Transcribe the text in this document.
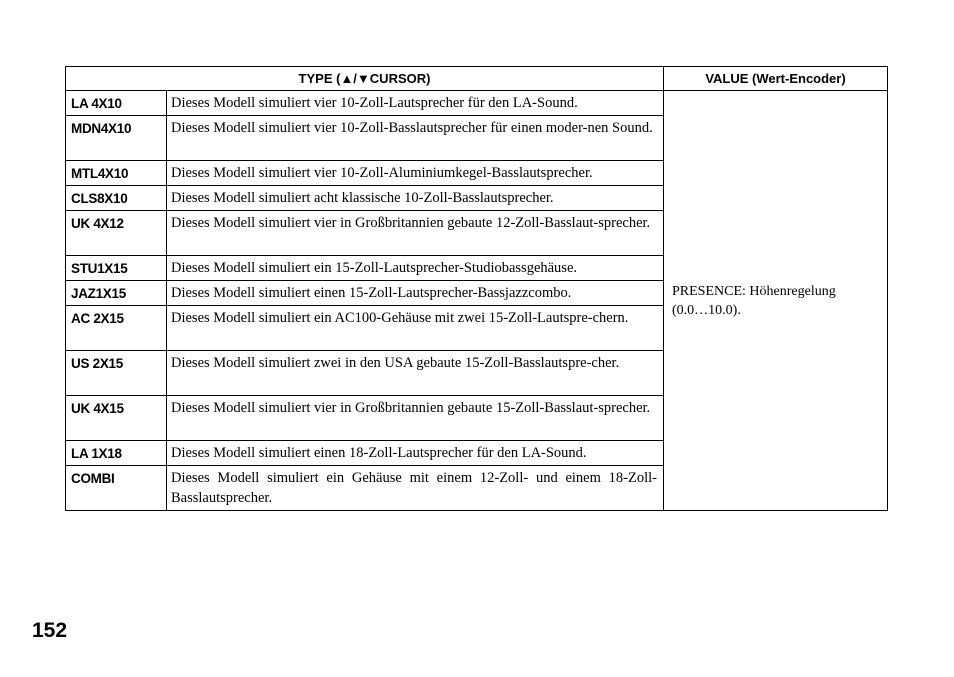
TYPE (▲/▼CURSOR)		VALUE (Wert-Encoder)
LA 4X10	Dieses Modell simuliert vier 10-Zoll-Lautsprecher für den LA-Sound.	PRESENCE: Höhenregelung
(0.0…10.0).

MDN4X10	Dieses Modell simuliert vier 10-Zoll-Basslautsprecher für einen moder-nen Sound.	
MTL4X10	Dieses Modell simuliert vier 10-Zoll-Aluminiumkegel-Basslautsprecher.	
CLS8X10	Dieses Modell simuliert acht klassische 10-Zoll-Basslautsprecher.	
UK 4X12	Dieses Modell simuliert vier in Großbritannien gebaute 12-Zoll-Basslaut-sprecher.	
STU1X15	Dieses Modell simuliert ein 15-Zoll-Lautsprecher-Studiobassgehäuse.	
JAZ1X15	Dieses Modell simuliert einen 15-Zoll-Lautsprecher-Bassjazzcombo.	
AC 2X15	Dieses Modell simuliert ein AC100-Gehäuse mit zwei 15-Zoll-Lautspre-chern.	
US 2X15	Dieses Modell simuliert zwei in den USA gebaute 15-Zoll-Basslautspre-cher.	
UK 4X15	Dieses Modell simuliert vier in Großbritannien gebaute 15-Zoll-Basslaut-sprecher.	
LA 1X18	Dieses Modell simuliert einen 18-Zoll-Lautsprecher für den LA-Sound.	
COMBI	Dieses Modell simuliert ein Gehäuse mit einem 12-Zoll- und einem 18-Zoll-Basslautsprecher.	
152
